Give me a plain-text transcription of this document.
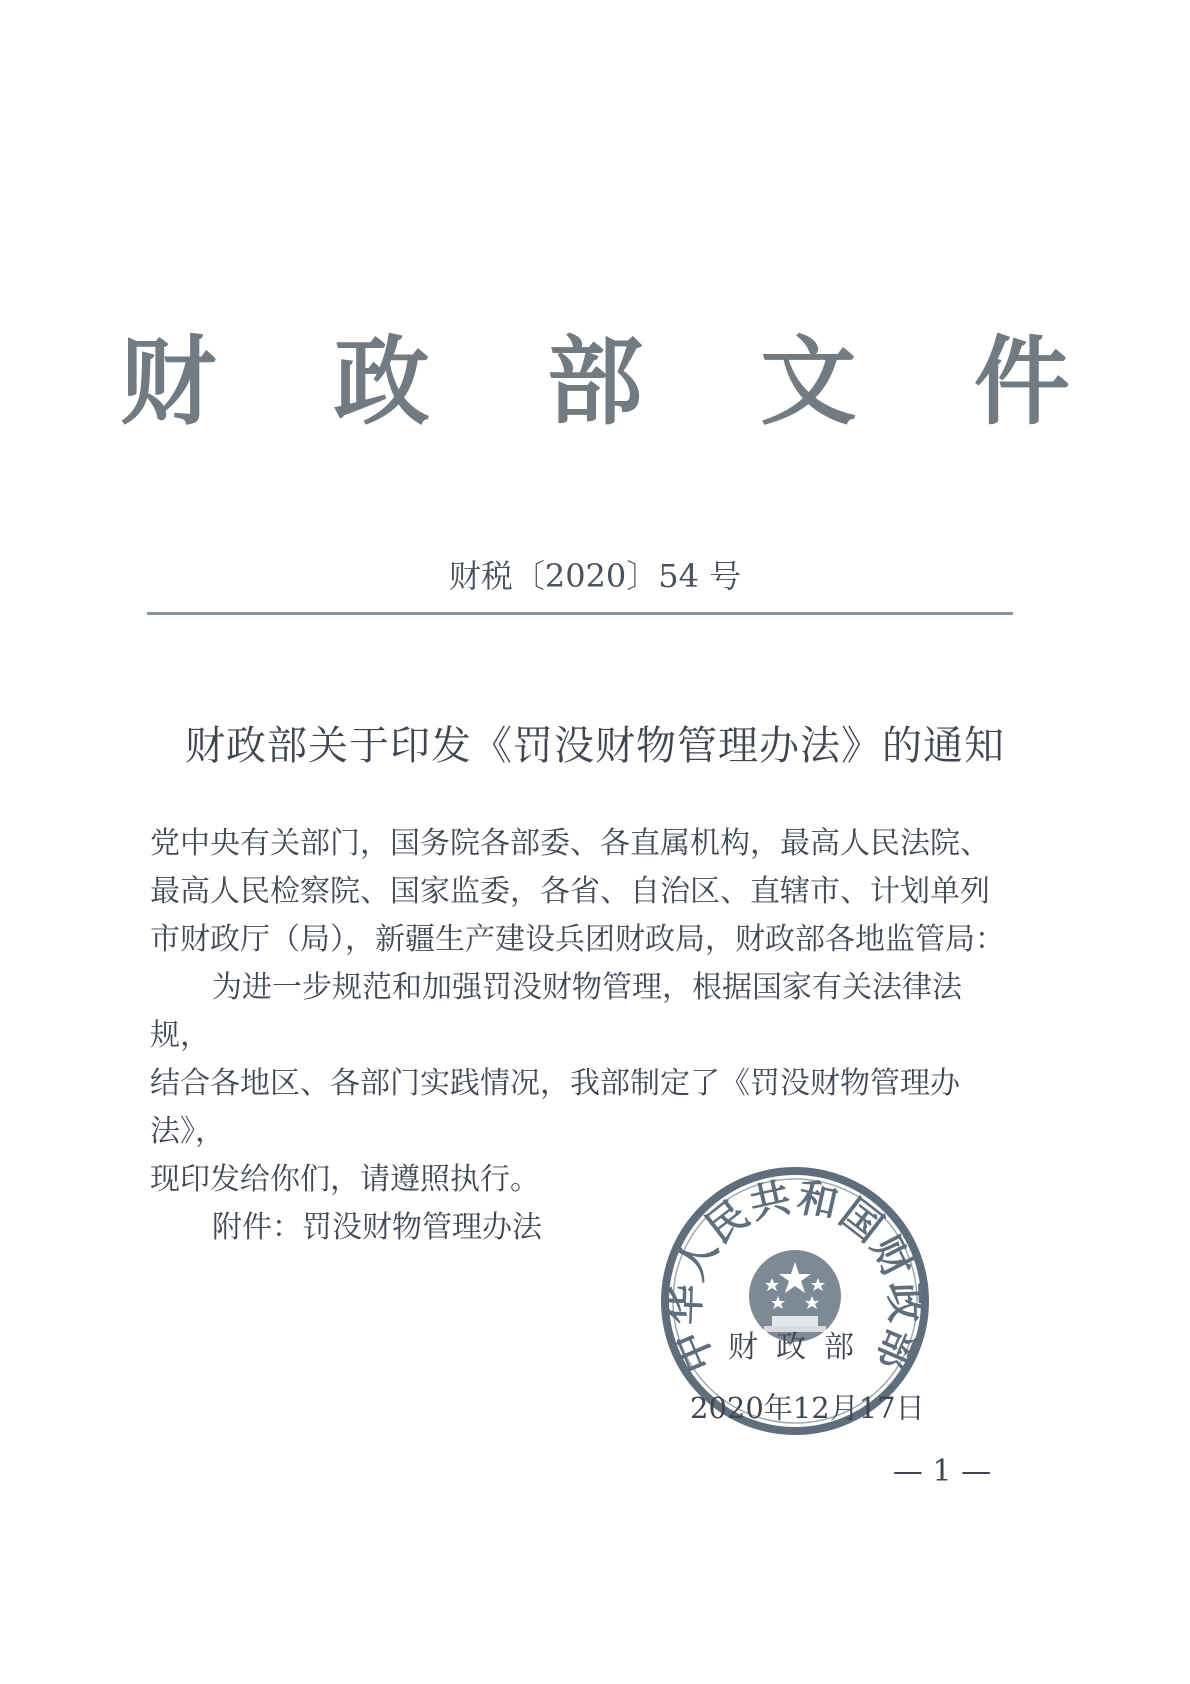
财 政 部 文 件
财税〔2020〕54 号
财政部关于印发《罚没财物管理办法》的通知

党中央有关部门，国务院各部委、各直属机构，最高人民法院、

最高人民检察院、国家监委，各省、自治区、直辖市、计划单列

市财政厅（局），新疆生产建设兵团财政局，财政部各地监管局：

为进一步规范和加强罚没财物管理，根据国家有关法律法规，

结合各地区、各部门实践情况，我部制定了《罚没财物管理办法》，

现印发给你们，请遵照执行。

附件：罚没财物管理办法

中华人民共和国财政部
财政部
2020年12月17日
— 1 —
